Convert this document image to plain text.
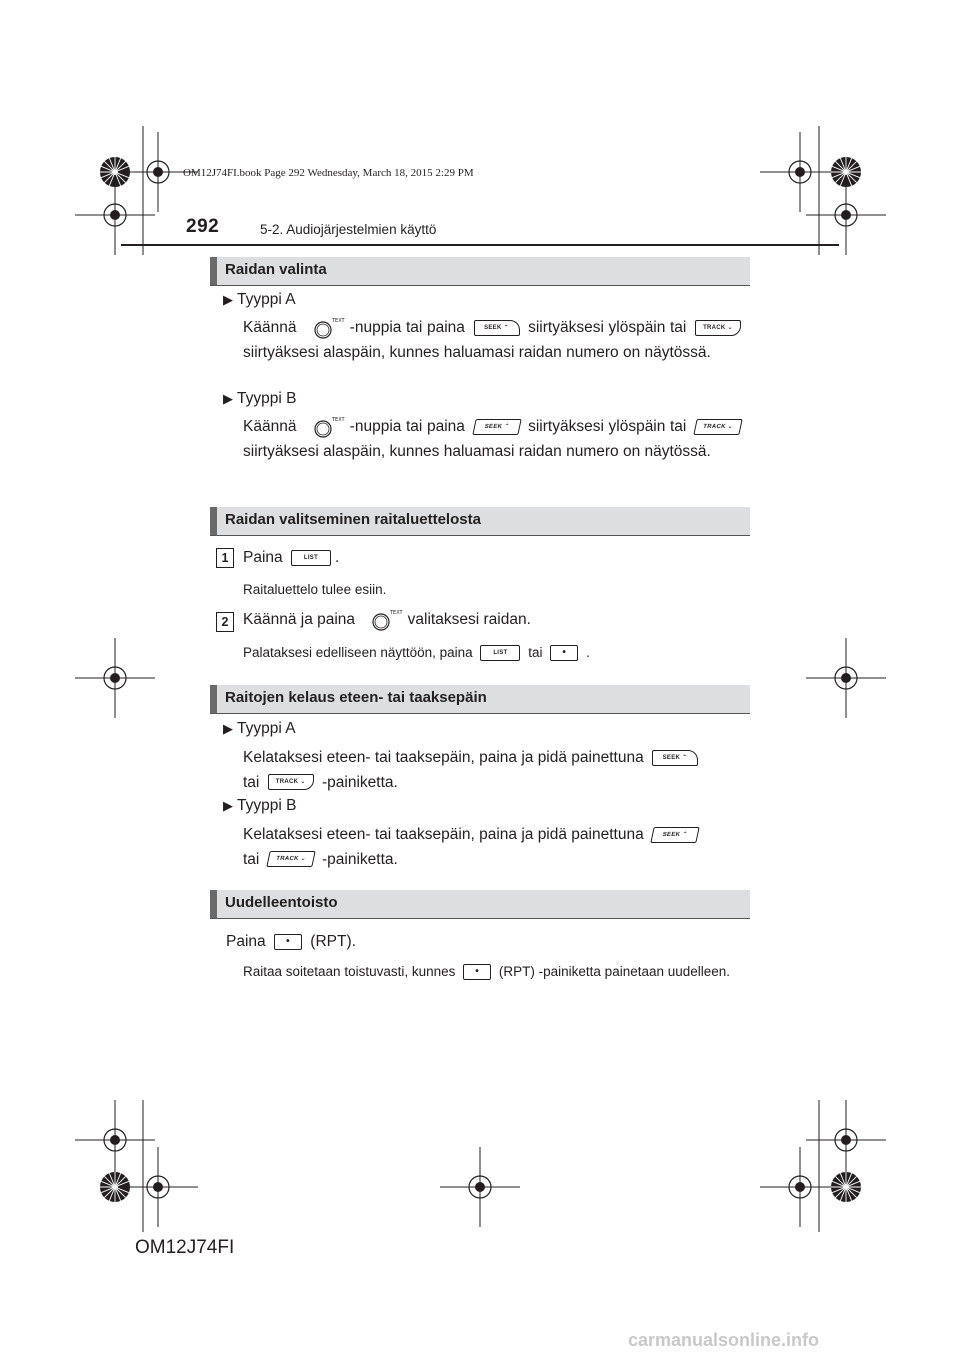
OM12J74FI.book Page 292 Wednesday, March 18, 2015 2:29 PM
292	5-2. Audiojärjestelmien käyttö
Raidan valinta
▶ Tyyppi A
Käännä	TEXT -nuppia tai paina	SEEK ⌃ siirtyäksesi ylöspäin tai	TRACK ⌄ siirtyäksesi alaspäin, kunnes haluamasi raidan numero on näytössä.
▶ Tyyppi B
Käännä	TEXT -nuppia tai paina	SEEK ⌃ siirtyäksesi ylöspäin tai	TRACK ⌄ siirtyäksesi alaspäin, kunnes haluamasi raidan numero on näytössä.
Raidan valitseminen raitaluettelosta
1 Paina	LIST .
Raitaluettelo tulee esiin.
2 Käännä ja paina	TEXT valitaksesi raidan.
Palataksesi edelliseen näyttöön, paina	LIST tai •	.
Raitojen kelaus eteen- tai taaksepäin
▶ Tyyppi A
Kelataksesi eteen- tai taaksepäin, paina ja pidä painettuna	SEEK ⌃
tai	TRACK ⌄ -painiketta.
▶ Tyyppi B
Kelataksesi eteen- tai taaksepäin, paina ja pidä painettuna	SEEK ⌃
tai	TRACK ⌄ -painiketta.
Uudelleentoisto
Paina •	(RPT).
Raitaa soitetaan toistuvasti, kunnes •	(RPT) -painiketta painetaan uudelleen.
OM12J74FI
carmanualsonline.info
